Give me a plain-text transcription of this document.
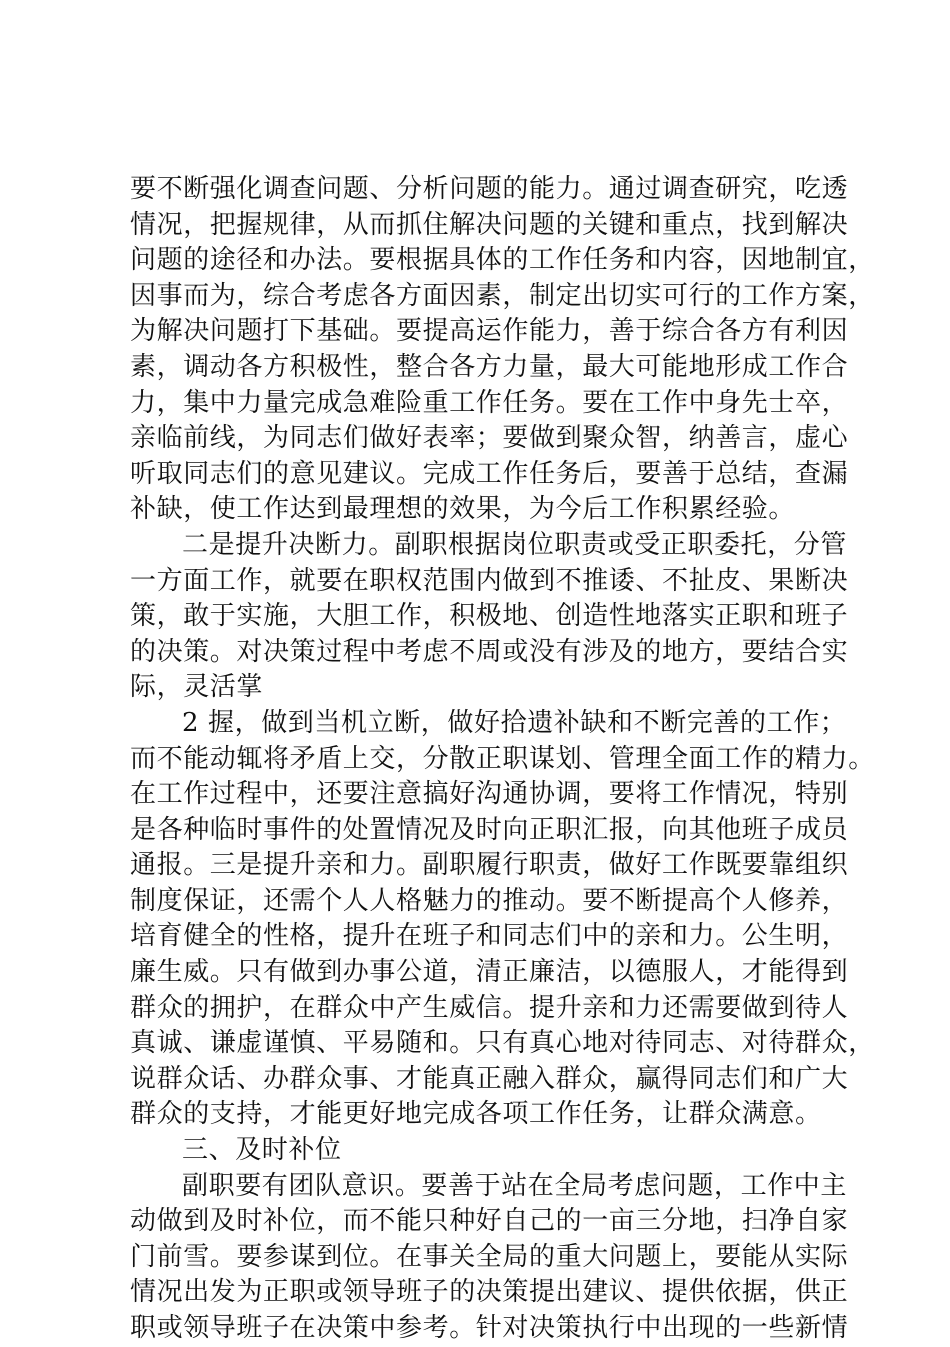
要不断强化调查问题、分析问题的能力。通过调查研究，吃透
情况，把握规律，从而抓住解决问题的关键和重点，找到解决
问题的途径和办法。要根据具体的工作任务和内容，因地制宜，
因事而为，综合考虑各方面因素，制定出切实可行的工作方案，
为解决问题打下基础。要提高运作能力，善于综合各方有利因
素，调动各方积极性，整合各方力量，最大可能地形成工作合
力，集中力量完成急难险重工作任务。要在工作中身先士卒，
亲临前线，为同志们做好表率；要做到聚众智，纳善言，虚心
听取同志们的意见建议。完成工作任务后，要善于总结，查漏
补缺，使工作达到最理想的效果，为今后工作积累经验。
二是提升决断力。副职根据岗位职责或受正职委托，分管
一方面工作，就要在职权范围内做到不推诿、不扯皮、果断决
策，敢于实施，大胆工作，积极地、创造性地落实正职和班子
的决策。对决策过程中考虑不周或没有涉及的地方，要结合实
际，灵活掌
2 握，做到当机立断，做好拾遗补缺和不断完善的工作；
而不能动辄将矛盾上交，分散正职谋划、管理全面工作的精力。
在工作过程中，还要注意搞好沟通协调，要将工作情况，特别
是各种临时事件的处置情况及时向正职汇报，向其他班子成员
通报。三是提升亲和力。副职履行职责，做好工作既要靠组织
制度保证，还需个人人格魅力的推动。要不断提高个人修养，
培育健全的性格，提升在班子和同志们中的亲和力。公生明，
廉生威。只有做到办事公道，清正廉洁，以德服人，才能得到
群众的拥护，在群众中产生威信。提升亲和力还需要做到待人
真诚、谦虚谨慎、平易随和。只有真心地对待同志、对待群众，
说群众话、办群众事、才能真正融入群众，赢得同志们和广大
群众的支持，才能更好地完成各项工作任务，让群众满意。
三、及时补位
副职要有团队意识。要善于站在全局考虑问题，工作中主
动做到及时补位，而不能只种好自己的一亩三分地，扫净自家
门前雪。要参谋到位。在事关全局的重大问题上，要能从实际
情况出发为正职或领导班子的决策提出建议、提供依据，供正
职或领导班子在决策中参考。针对决策执行中出现的一些新情
